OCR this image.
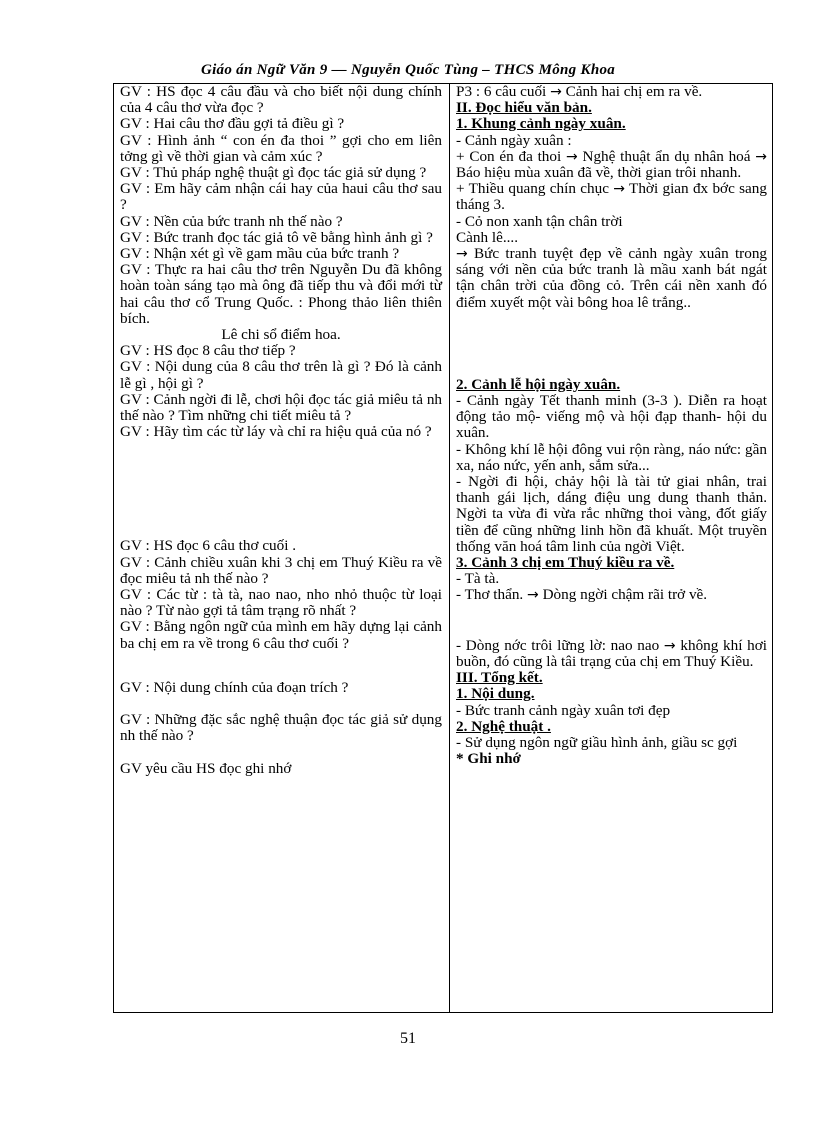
Giáo án Ngữ Văn 9 — Nguyễn Quốc Tùng – THCS Mông Khoa

GV : HS đọc 4 câu đầu và cho biết nội dung chính của 4 câu thơ vừa đọc ?

GV : Hai câu thơ đầu gợi tả điều gì ?

GV : Hình ảnh “ con én đa thoi ” gợi cho em liên tởng gì về thời gian và cảm xúc ?

GV : Thủ pháp nghệ thuật gì đọc tác giả sử dụng ?

GV : Em hãy cảm nhận cái hay của haui câu thơ sau ?

GV : Nền của bức tranh nh thế nào ?

GV : Bức tranh đọc tác giả tô vẽ bằng hình ảnh gì ?

GV : Nhận xét gì về gam mầu của bức tranh ?

GV : Thực ra hai câu thơ trên Nguyễn Du đã không hoàn toàn sáng tạo mà ông đã tiếp thu và đổi mới từ hai câu thơ cổ Trung Quốc. : Phong thảo liên thiên bích.

Lê chi sổ điểm hoa.

GV : HS đọc 8 câu thơ tiếp ?

GV : Nội dung của 8 câu thơ trên là gì ? Đó là cảnh lễ gì , hội gì ?

GV : Cảnh ngời đi lễ, chơi hội đọc tác giả miêu tả nh thế nào ? Tìm những chi tiết miêu tả ?

GV : Hãy tìm các từ láy và chỉ ra hiệu quả của nó ?

GV : HS đọc 6 câu thơ cuối .

GV : Cảnh chiều xuân khi 3 chị em Thuý Kiều ra về đọc miêu tả nh thế nào ?

GV : Các từ : tà tà, nao nao, nho nhỏ thuộc từ loại nào ? Từ nào gợi tả tâm trạng rõ nhất ?

GV : Bằng ngôn ngữ của mình em hãy dựng lại cảnh ba chị em ra về trong 6 câu thơ cuối ?

GV : Nội dung chính của đoạn trích ?

GV : Những đặc sắc nghệ thuận đọc tác giả sử dụng nh thế nào ?

GV yêu cầu HS đọc ghi nhớ

P3 : 6 câu cuối → Cảnh hai chị em ra về.

II. Đọc hiểu văn bản.

1. Khung cảnh ngày xuân.

- Cảnh ngày xuân :

+ Con én đa thoi → Nghệ thuật ẩn dụ nhân hoá → Báo hiệu mùa xuân đã về, thời gian trôi nhanh.

+ Thiều quang chín chục → Thời gian đx bớc sang tháng 3.

- Cỏ non xanh tận chân trời

Cành lê....

→ Bức tranh tuyệt đẹp về cảnh ngày xuân trong sáng với nền của bức tranh là mầu xanh bát ngát tận chân trời của đồng cỏ. Trên cái nền xanh đó điểm xuyết một vài bông hoa lê trắng..

2. Cảnh lễ hội ngày xuân.

- Cảnh ngày Tết thanh minh (3-3 ). Diễn ra hoạt động tảo mộ- viếng mộ và hội đạp thanh- hội du xuân.

- Không khí lễ hội đông vui rộn ràng, náo nức: gần xa, náo nức, yến anh, sắm sửa...

- Ngời đi hội, chảy hội là tài tử giai nhân, trai thanh gái lịch, dáng điệu ung dung thanh thản. Ngời ta vừa đi vừa rắc những thoi vàng, đốt giấy tiền để cũng những linh hồn đã khuất. Một truyền thống văn hoá tâm linh của ngời Việt.

3. Cảnh 3 chị em Thuý kiều ra về.

- Tà tà.

- Thơ thẩn. → Dòng ngời chậm rãi trở về.

- Dòng nớc trôi lững lờ: nao nao → không khí hơi buồn, đó cũng là tâi trạng của chị em Thuý Kiều.

III. Tổng kết.

1. Nội dung.

- Bức tranh cảnh ngày xuân tơi đẹp

2. Nghệ thuật .

- Sử dụng ngôn ngữ giầu hình ảnh, giầu sc gợi

* Ghi nhớ

51
